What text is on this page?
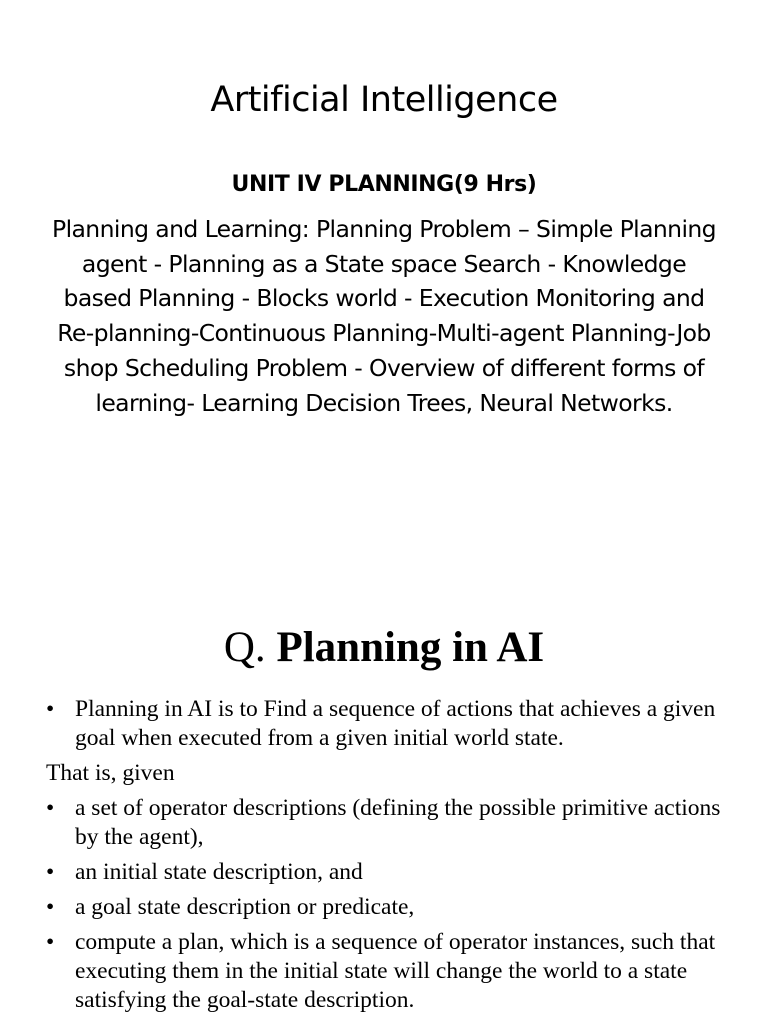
Artificial Intelligence
UNIT IV PLANNING(9 Hrs)

Planning and Learning: Planning Problem – Simple Planning agent - Planning as a State space Search - Knowledge based Planning - Blocks world - Execution Monitoring and Re-planning-Continuous Planning-Multi-agent Planning-Job shop Scheduling Problem - Overview of different forms of learning- Learning Decision Trees, Neural Networks.

Q. Planning in AI
• Planning in AI is to Find a sequence of actions that achieves a given goal when executed from a given initial world state.
That is, given
• a set of operator descriptions (defining the possible primitive actions by the agent),
• an initial state description, and
• a goal state description or predicate,
• compute a plan, which is a sequence of operator instances, such that executing them in the initial state will change the world to a state satisfying the goal-state description.
